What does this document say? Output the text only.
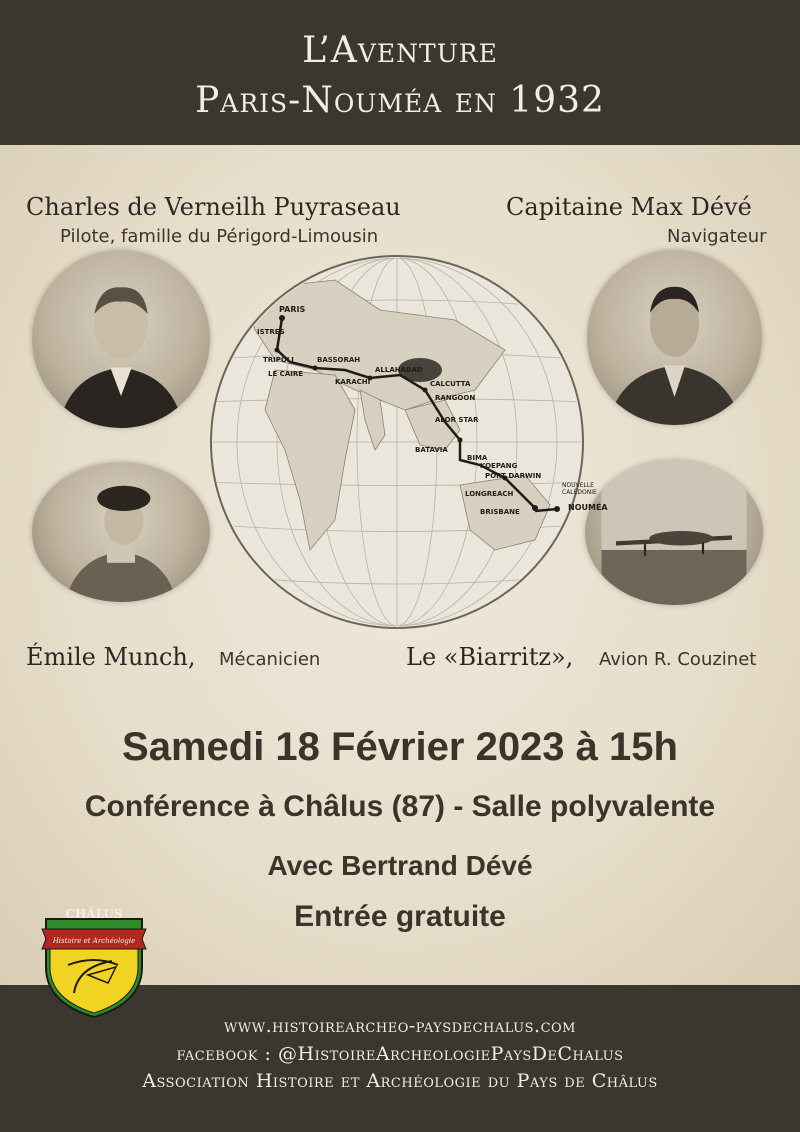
L’Aventure
Paris-Nouméa en 1932
Charles de Verneilh Puyraseau
Pilote, famille du Périgord-Limousin
Capitaine Max Dévé
Navigateur
PARIS
ISTRES
TRIPOLI
LE CAIRE
BASSORAH
KARACHI
ALLAHABAD
CALCUTTA
RANGOON
ALOR STAR
BATAVIA
BIMA
KOEPANG
PORT DARWIN
LONGREACH
BRISBANE
NOUVELLE CALÉDONIE
NOUMÉA
Émile Munch, Mécanicien	Le «Biarritz», Avion R. Couzinet
Samedi 18 Février 2023 à 15h
Conférence à Châlus (87) - Salle polyvalente
Avec Bertrand Dévé
Entrée gratuite
www.histoirearcheo-paysdechalus.com
facebook : @HistoireArcheologiePaysDeChalus
Association Histoire et Archéologie du Pays de Châlus
CHÂLUS
Histoire et Archéologie
